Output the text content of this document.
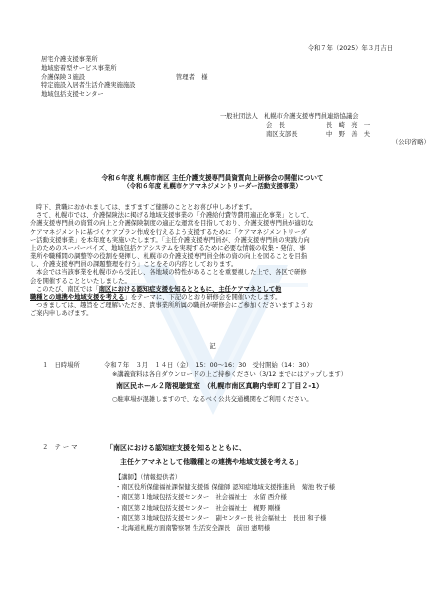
令和７年（2025）年３月吉日
居宅介護支援事業所
地域密着型サービス事業所
介護保険３施設	管理者　様
特定施設入居者生活介護実施施設
地域包括支援センター
一般社団法人　札幌市介護支援専門員連絡協議会
会　長	長　崎　亮　一
南区支部長	中　野　善　夫
（公印省略）
令和６年度 札幌市南区 主任介護支援専門員資質向上研修会の開催について
（令和６年度 札幌市ケアマネジメントリーダー活動支援事業）

時下、貴職におかれましては、ますますご健勝のこととお喜び申しあげます。

さて、札幌市では、介護保険法に掲げる地域支援事業の「介護給付費等費用適正化事業」として、
介護支援専門員の資質の向上と介護保険制度の適正な運営を目指しており、介護支援専門員が適切な
ケアマネジメントに基づくケアプラン作成を行えるよう支援するために「ケアマネジメントリーダ
ー活動支援事業」を本年度も実施いたします。「主任介護支援専門員が、介護支援専門員の実践力向
上のためのスーパーバイズ、地域包括ケアシステムを実現するために必要な情報の収集・発信、事
業所や職種間の調整等の役割を発揮し、札幌市の介護支援専門員全体の資の向上を図ることを目指
し、介護支援専門員の課題整理を行う」ことをその内容としております。

本会では当該事業を札幌市から受託し、各地域の特性があることを重要視した上で、各区で研修
会を開催することといたしました。

このたび、南区では「南区における認知症支援を知るとともに、主任ケアマネとして他
職種との連携や地域支援を考える」をテーマに、下記のとおり研修会を開催いたします。

つきましては、趣旨をご理解いただき、貴事業所所属の職員が研修会にご参加くださいますようお
ご案内申しあげます。

記
１　日時場所	令和７年　３月　１４日（金）　15：00～16：30　受付開始（14：30）
※講義資料は各自ダウンロードの上ご持参ください（3/12 までにはアップします）
南区民ホール２階視聴覚室　（札幌市南区真駒内幸町２丁目２-1）
○駐車場が混雑しますので、なるべく公共交通機関をご利用ください。
２　テ ー マ	「南区における認知症支援を知るとともに、
主任ケアマネとして他職種との連携や地域支援を考える」
【講師】（情報提供者）
・南区役所保健福祉課保健支援係 保健師 認知症地域支援推進員　菊池 牧子様
・南区第１地域包括支援センター　社会福祉士　水留 西介様
・南区第２地域包括支援センター　社会福祉士　梶野 剛様
・南区第３地域包括支援センター　副センター長 社会福祉士　長田 和子様
・北海道札幌方面南警察署 生活安全課長　前田 憲明様
